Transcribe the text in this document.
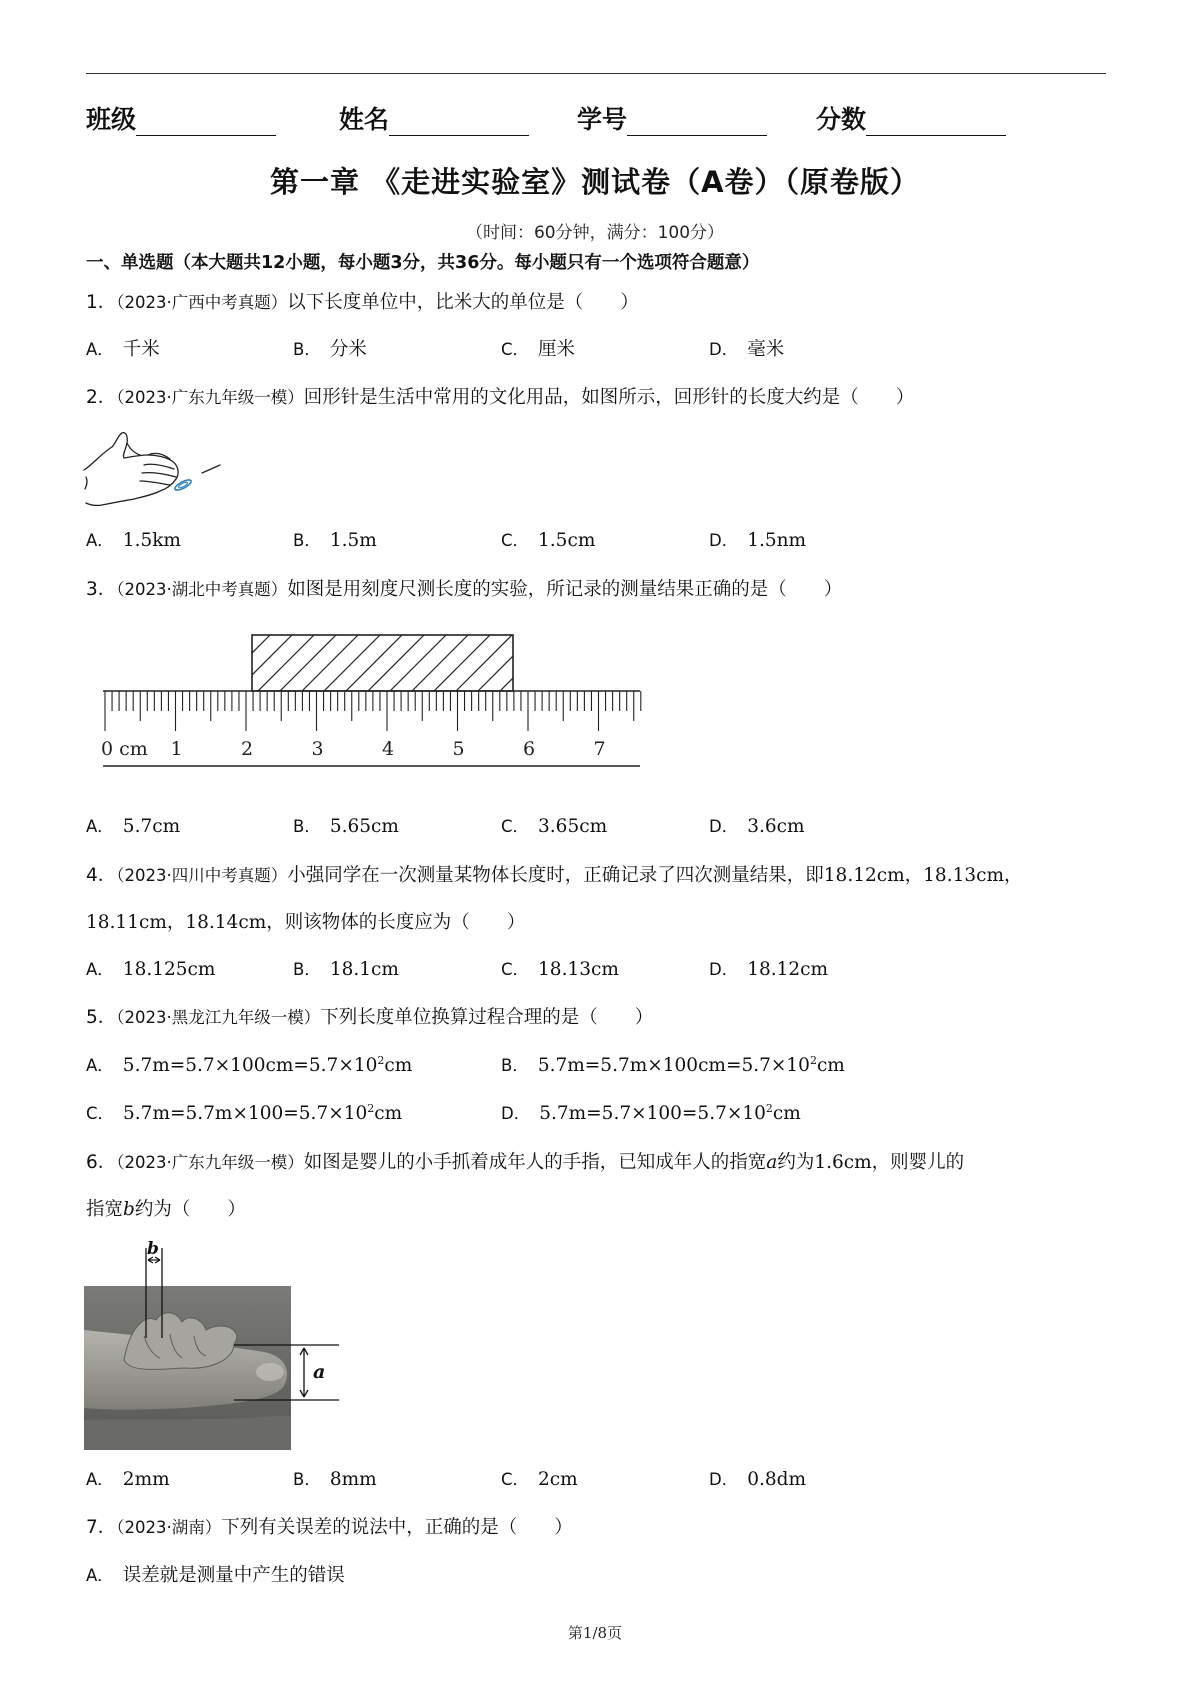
班级	姓名	学号	分数
第一章 《走进实验室》测试卷（A卷）（原卷版）
（时间：60分钟，满分：100分）
一、单选题（本大题共12小题，每小题3分，共36分。每小题只有一个选项符合题意）
1．（2023·广西中考真题）以下长度单位中，比米大的单位是（　　）
A． 千米	B． 分米	C． 厘米	D． 毫米
2．（2023·广东九年级一模）回形针是生活中常用的文化用品，如图所示，回形针的长度大约是（　　）
A． 1.5km	B． 1.5m	C． 1.5cm	D． 1.5nm
3．（2023·湖北中考真题）如图是用刻度尺测长度的实验，所记录的测量结果正确的是（　　）
0 cm 1	2	3	4	5	6	7
A． 5.7cm	B． 5.65cm	C． 3.65cm	D． 3.6cm
4．（2023·四川中考真题）小强同学在一次测量某物体长度时，正确记录了四次测量结果，即18.12cm，18.13cm，
18.11cm，18.14cm，则该物体的长度应为（　　）
A． 18.125cm	B． 18.1cm	C． 18.13cm	D． 18.12cm
5．（2023·黑龙江九年级一模）下列长度单位换算过程合理的是（　　）
A． $5.7m=5.7\times 100cm=5.7\times 10^2cm$	B． $5.7m=5.7m\times 100cm=5.7\times 10^2cm$
C． $5.7m=5.7m\times 100=5.7\times 10^2cm$	D． $5.7m=5.7\times 100=5.7\times 10^2cm$
6．（2023·广东九年级一模）如图是婴儿的小手抓着成年人的手指，已知成年人的指宽a约为1.6cm，则婴儿的
指宽b约为（　　）
b
a
A． 2mm	B． 8mm	C． 2cm	D． 0.8dm
7．（2023·湖南）下列有关误差的说法中，正确的是（　　）
A． 误差就是测量中产生的错误
第1/8页
